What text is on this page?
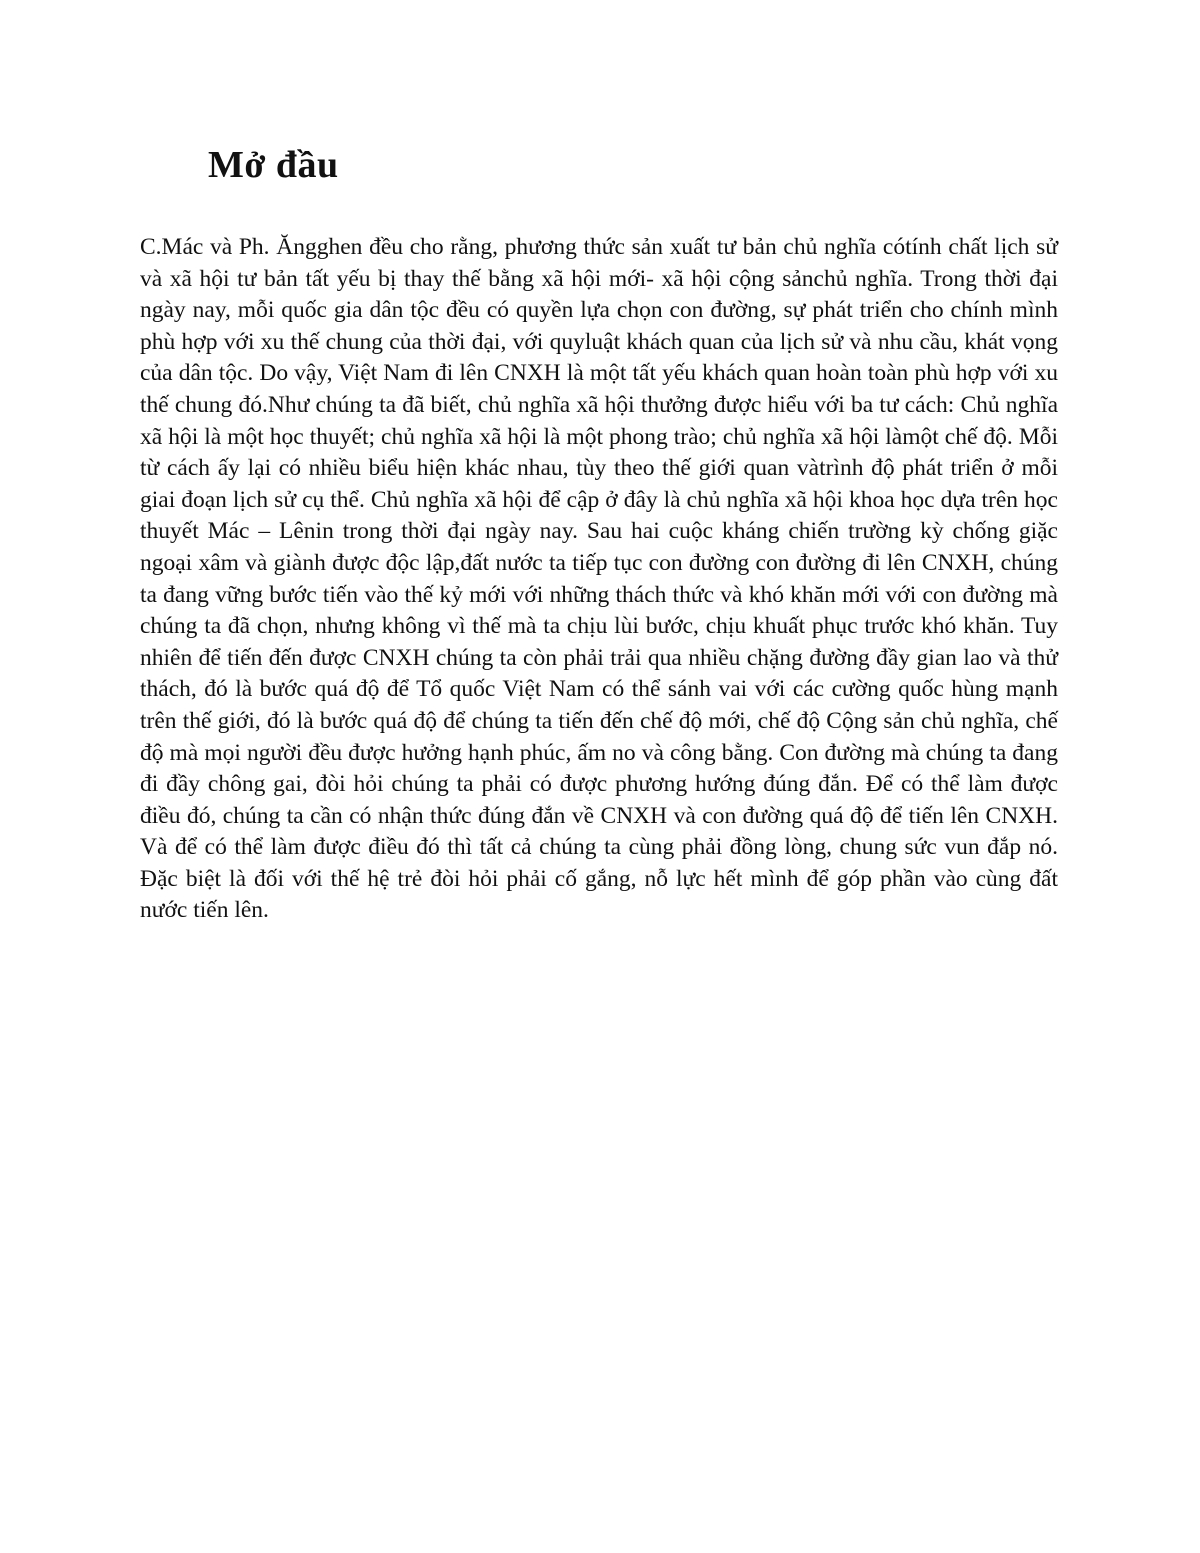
Mở đầu

C.Mác và Ph. Ăngghen đều cho rằng, phương thức sản xuất tư bản chủ nghĩa cótính chất lịch sử và xã hội tư bản tất yếu bị thay thế bằng xã hội mới- xã hội cộng sảnchủ nghĩa. Trong thời đại ngày nay, mỗi quốc gia dân tộc đều có quyền lựa chọn con đường, sự phát triển cho chính mình phù hợp với xu thế chung của thời đại, với quyluật khách quan của lịch sử và nhu cầu, khát vọng của dân tộc. Do vậy, Việt Nam đi lên CNXH là một tất yếu khách quan hoàn toàn phù hợp với xu thế chung đó.Như chúng ta đã biết, chủ nghĩa xã hội thưởng được hiểu với ba tư cách: Chủ nghĩa xã hội là một học thuyết; chủ nghĩa xã hội là một phong trào; chủ nghĩa xã hội làmột chế độ. Mỗi từ cách ấy lại có nhiều biểu hiện khác nhau, tùy theo thế giới quan vàtrình độ phát triển ở mỗi giai đoạn lịch sử cụ thể. Chủ nghĩa xã hội để cập ở đây là chủ nghĩa xã hội khoa học dựa trên học thuyết Mác – Lênin trong thời đại ngày nay. Sau hai cuộc kháng chiến trường kỳ chống giặc ngoại xâm và giành được độc lập,đất nước ta tiếp tục con đường con đường đi lên CNXH, chúng ta đang vững bước tiến vào thế kỷ mới với những thách thức và khó khăn mới với con đường mà chúng ta đã chọn, nhưng không vì thế mà ta chịu lùi bước, chịu khuất phục trước khó khăn. Tuy nhiên để tiến đến được CNXH chúng ta còn phải trải qua nhiều chặng đường đầy gian lao và thử thách, đó là bước quá độ để Tổ quốc Việt Nam có thể sánh vai với các cường quốc hùng mạnh trên thế giới, đó là bước quá độ để chúng ta tiến đến chế độ mới, chế độ Cộng sản chủ nghĩa, chế độ mà mọi người đều được hưởng hạnh phúc, ấm no và công bằng. Con đường mà chúng ta đang đi đầy chông gai, đòi hỏi chúng ta phải có được phương hướng đúng đắn. Để có thể làm được điều đó, chúng ta cần có nhận thức đúng đắn về CNXH và con đường quá độ để tiến lên CNXH. Và để có thể làm được điều đó thì tất cả chúng ta cùng phải đồng lòng, chung sức vun đắp nó. Đặc biệt là đối với thế hệ trẻ đòi hỏi phải cố gắng, nỗ lực hết mình để góp phần vào cùng đất nước tiến lên.
